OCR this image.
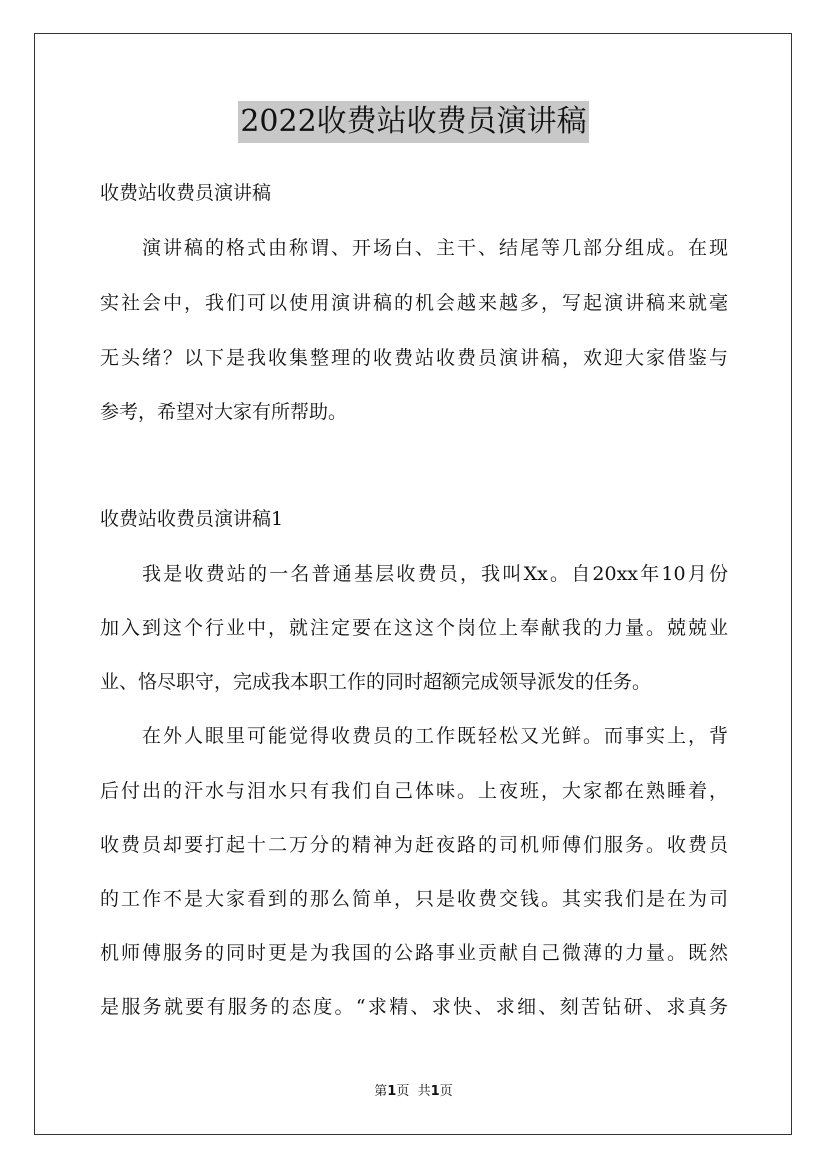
2022收费站收费员演讲稿
收费站收费员演讲稿
演讲稿的格式由称谓、开场白、主干、结尾等几部分组成。在现
实社会中，我们可以使用演讲稿的机会越来越多，写起演讲稿来就毫
无头绪？以下是我收集整理的收费站收费员演讲稿，欢迎大家借鉴与
参考，希望对大家有所帮助。
收费站收费员演讲稿1
我是收费站的一名普通基层收费员，我叫Xx。自20xx年10月份
加入到这个行业中，就注定要在这这个岗位上奉献我的力量。兢兢业
业、恪尽职守，完成我本职工作的同时超额完成领导派发的任务。
在外人眼里可能觉得收费员的工作既轻松又光鲜。而事实上，背
后付出的汗水与泪水只有我们自己体味。上夜班，大家都在熟睡着，
收费员却要打起十二万分的精神为赶夜路的司机师傅们服务。收费员
的工作不是大家看到的那么简单，只是收费交钱。其实我们是在为司
机师傅服务的同时更是为我国的公路事业贡献自己微薄的力量。既然
是服务就要有服务的态度。“求精、求快、求细、刻苦钻研、求真务
第1页 共1页
